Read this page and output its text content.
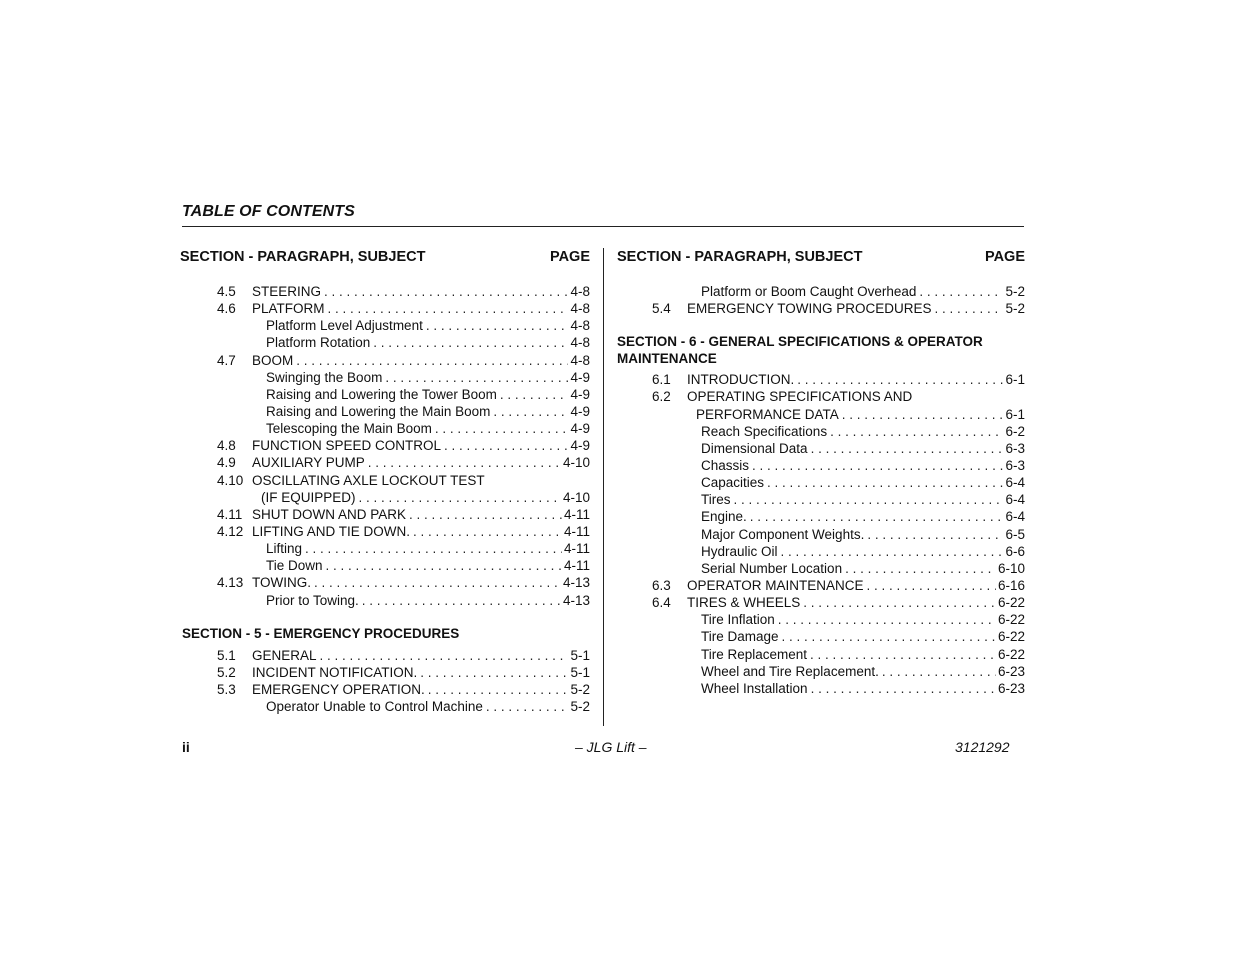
TABLE OF CONTENTS
SECTION - PARAGRAPH, SUBJECT	PAGE
4.5 STEERING . . .	4-8
4.6 PLATFORM . . .	4-8
Platform Level Adjustment . . .	4-8
Platform Rotation . . .	4-8
4.7 BOOM . . .	4-8
Swinging the Boom . . .	4-9
Raising and Lowering the Tower Boom . . .	4-9
Raising and Lowering the Main Boom . . .	4-9
Telescoping the Main Boom . . .	4-9
4.8 FUNCTION SPEED CONTROL . . .	4-9
4.9 AUXILIARY PUMP . . .	4-10
4.10 OSCILLATING AXLE LOCKOUT TEST
(IF EQUIPPED) . . .	4-10
4.11 SHUT DOWN AND PARK . . .	4-11
4.12 LIFTING AND TIE DOWN. . . .	4-11
Lifting . . .	4-11
Tie Down . . .	4-11
4.13 TOWING. . . .	4-13
Prior to Towing. . . .	4-13
SECTION - 5 - EMERGENCY PROCEDURES
5.1 GENERAL . . .	5-1
5.2 INCIDENT NOTIFICATION. . . .	5-1
5.3 EMERGENCY OPERATION. . . .	5-2
Operator Unable to Control Machine . . .	5-2
SECTION - PARAGRAPH, SUBJECT	PAGE
Platform or Boom Caught Overhead . . .	5-2
5.4 EMERGENCY TOWING PROCEDURES . . .	5-2
SECTION - 6 - GENERAL SPECIFICATIONS & OPERATOR
MAINTENANCE
6.1 INTRODUCTION. . . .	6-1
6.2 OPERATING SPECIFICATIONS AND
PERFORMANCE DATA . . .	6-1
Reach Specifications . . .	6-2
Dimensional Data . . .	6-3
Chassis . . .	6-3
Capacities . . .	6-4
Tires . . .	6-4
Engine. . . .	6-4
Major Component Weights. . . .	6-5
Hydraulic Oil . . .	6-6
Serial Number Location . . .	6-10
6.3 OPERATOR MAINTENANCE . . .	6-16
6.4 TIRES & WHEELS . . .	6-22
Tire Inflation . . .	6-22
Tire Damage . . .	6-22
Tire Replacement . . .	6-22
Wheel and Tire Replacement. . . .	6-23
Wheel Installation . . .	6-23
ii	– JLG Lift –	3121292
